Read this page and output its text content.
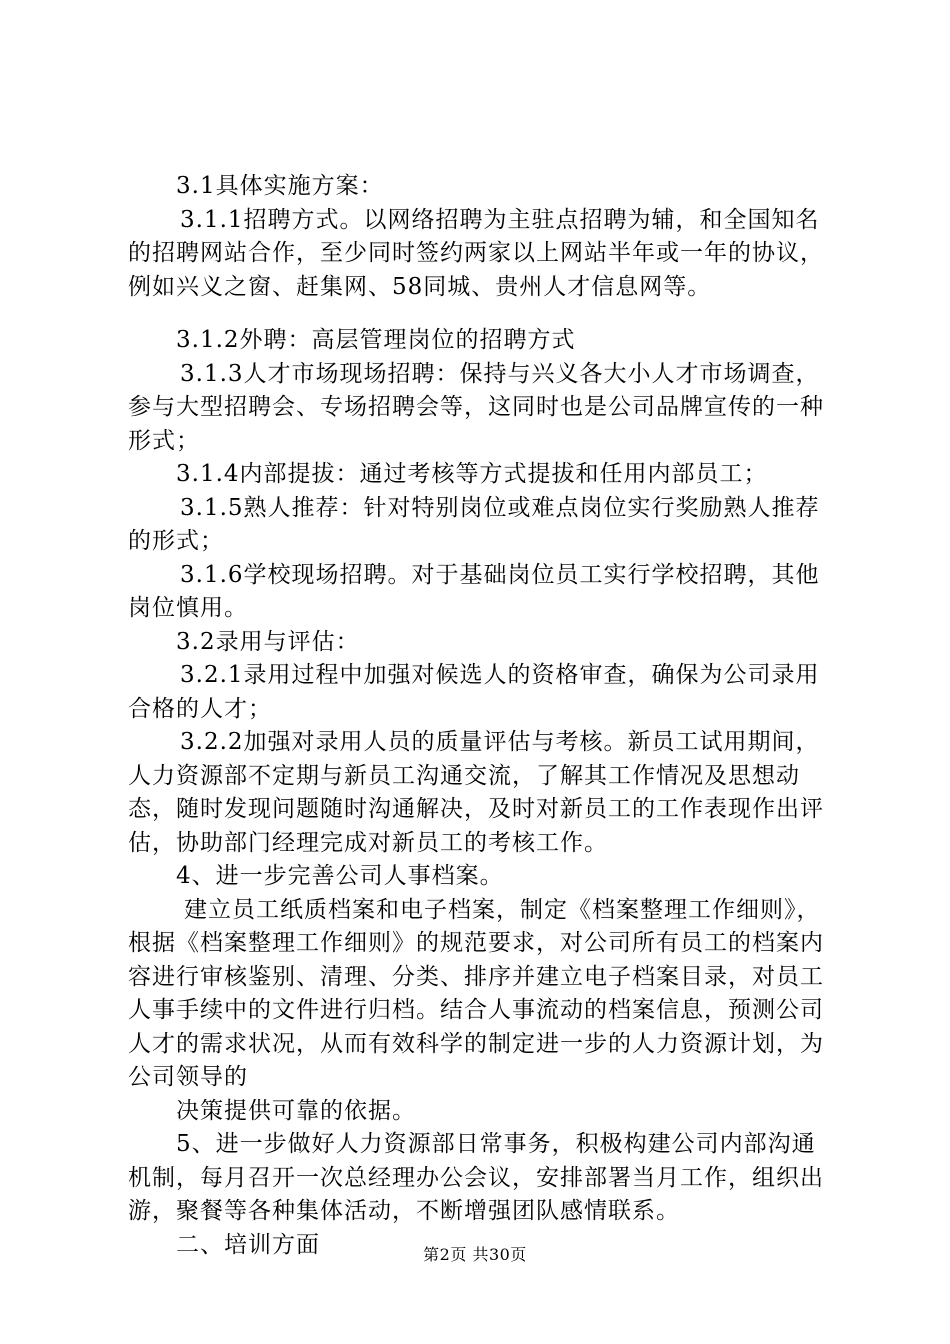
3.1具体实施方案：

3.1.1招聘方式。以网络招聘为主驻点招聘为辅，和全国知名的招聘网站合作，至少同时签约两家以上网站半年或一年的协议，例如兴义之窗、赶集网、58同城、贵州人才信息网等。

3.1.2外聘：高层管理岗位的招聘方式

3.1.3人才市场现场招聘：保持与兴义各大小人才市场调查，参与大型招聘会、专场招聘会等，这同时也是公司品牌宣传的一种形式；

3.1.4内部提拔：通过考核等方式提拔和任用内部员工；

3.1.5熟人推荐：针对特别岗位或难点岗位实行奖励熟人推荐的形式；

3.1.6学校现场招聘。对于基础岗位员工实行学校招聘，其他岗位慎用。

3.2录用与评估：

3.2.1录用过程中加强对候选人的资格审查，确保为公司录用合格的人才；

3.2.2加强对录用人员的质量评估与考核。新员工试用期间，人力资源部不定期与新员工沟通交流，了解其工作情况及思想动态，随时发现问题随时沟通解决，及时对新员工的工作表现作出评估，协助部门经理完成对新员工的考核工作。

4、进一步完善公司人事档案。

建立员工纸质档案和电子档案，制定《档案整理工作细则》，根据《档案整理工作细则》的规范要求，对公司所有员工的档案内容进行审核鉴别、清理、分类、排序并建立电子档案目录，对员工人事手续中的文件进行归档。结合人事流动的档案信息，预测公司人才的需求状况，从而有效科学的制定进一步的人力资源计划，为公司领导的

决策提供可靠的依据。

5、进一步做好人力资源部日常事务，积极构建公司内部沟通机制，每月召开一次总经理办公会议，安排部署当月工作，组织出游，聚餐等各种集体活动，不断增强团队感情联系。

二、培训方面	第2页 共30页
